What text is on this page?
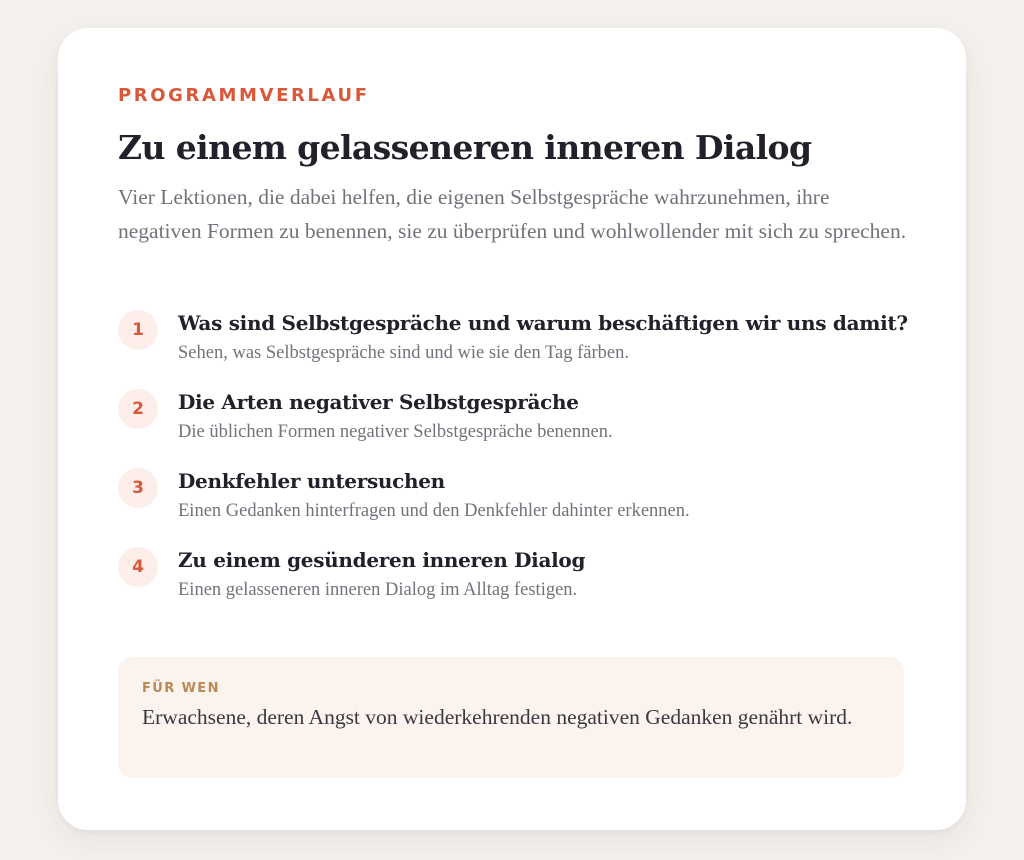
PROGRAMMVERLAUF
Zu einem gelasseneren inneren Dialog

Vier Lektionen, die dabei helfen, die eigenen Selbstgespräche wahrzunehmen, ihre negativen Formen zu benennen, sie zu überprüfen und wohlwollender mit sich zu sprechen.

1	Was sind Selbstgespräche und warum beschäftigen wir uns damit?
Sehen, was Selbstgespräche sind und wie sie den Tag färben.
2	Die Arten negativer Selbstgespräche
Die üblichen Formen negativer Selbstgespräche benennen.
3	Denkfehler untersuchen
Einen Gedanken hinterfragen und den Denkfehler dahinter erkennen.
4	Zu einem gesünderen inneren Dialog
Einen gelasseneren inneren Dialog im Alltag festigen.
FÜR WEN
Erwachsene, deren Angst von wiederkehrenden negativen Gedanken genährt wird.
